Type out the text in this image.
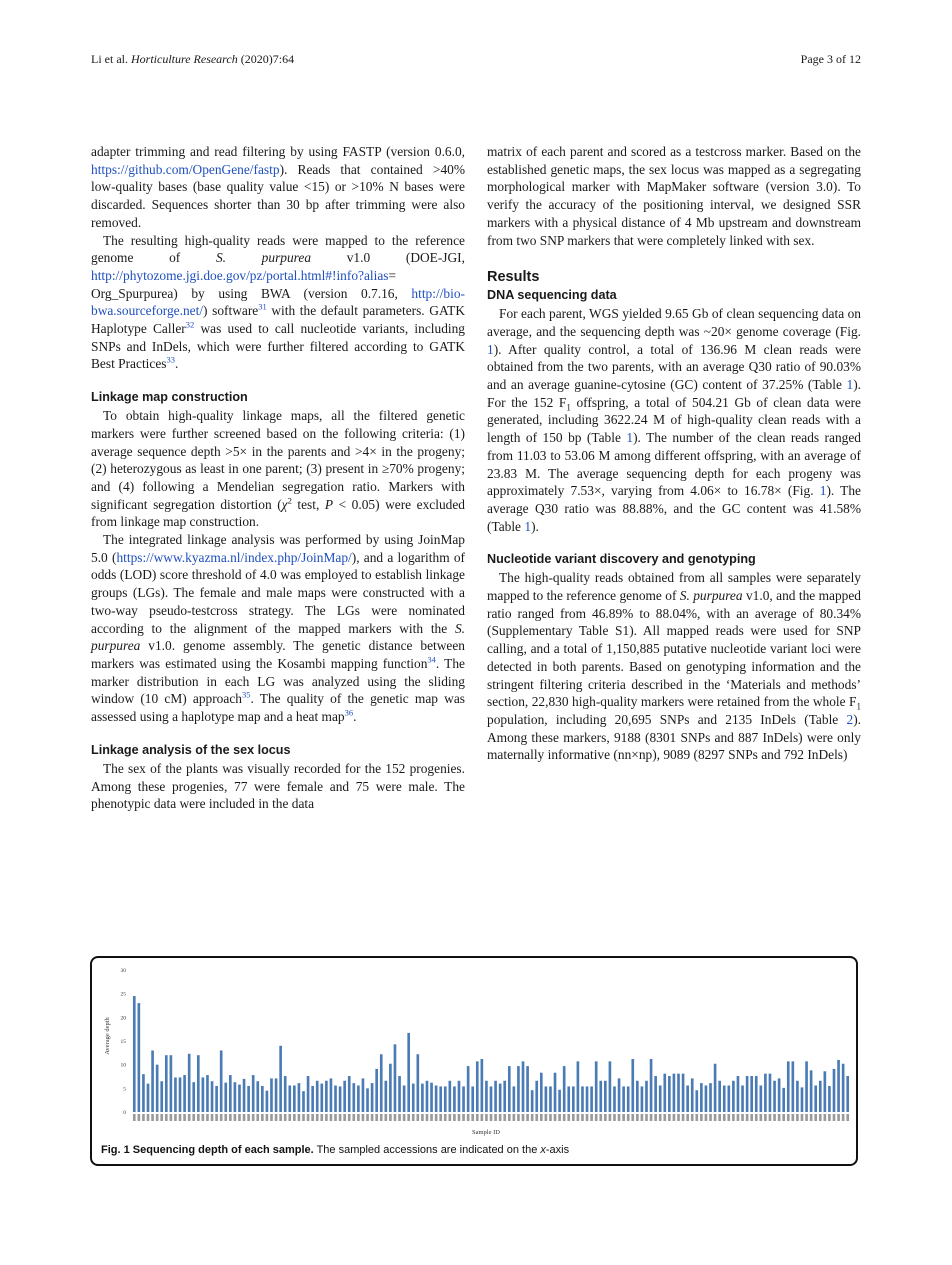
Li et al. Horticulture Research (2020)7:64	Page 3 of 12

adapter trimming and read filtering by using FASTP (version 0.6.0, https://github.com/OpenGene/fastp). Reads that contained >40% low-quality bases (base quality value <15) or >10% N bases were discarded. Sequences shorter than 30 bp after trimming were also removed.

The resulting high-quality reads were mapped to the reference genome of S. purpurea v1.0 (DOE-JGI, http://phytozome.jgi.doe.gov/pz/portal.html#!info?alias= Org_Spurpurea) by using BWA (version 0.7.16, http://bio-bwa.sourceforge.net/) software$^{31}$ with the default parameters. GATK Haplotype Caller$^{32}$ was used to call nucleotide variants, including SNPs and InDels, which were further filtered according to GATK Best Practices$^{33}$.

Linkage map construction

To obtain high-quality linkage maps, all the filtered genetic markers were further screened based on the following criteria: (1) average sequence depth >5× in the parents and >4× in the progeny; (2) heterozygous as least in one parent; (3) present in ≥70% progeny; and (4) following a Mendelian segregation ratio. Markers with significant segregation distortion ($\chi^2$ test, P < 0.05) were excluded from linkage map construction.

The integrated linkage analysis was performed by using JoinMap 5.0 (https://www.kyazma.nl/index.php/JoinMap/), and a logarithm of odds (LOD) score threshold of 4.0 was employed to establish linkage groups (LGs). The female and male maps were constructed with a two-way pseudo-testcross strategy. The LGs were nominated according to the alignment of the mapped markers with the S. purpurea v1.0. genome assembly. The genetic distance between markers was estimated using the Kosambi mapping function$^{34}$. The marker distribution in each LG was analyzed using the sliding window (10 cM) approach$^{35}$. The quality of the genetic map was assessed using a haplotype map and a heat map$^{36}$.

Linkage analysis of the sex locus

The sex of the plants was visually recorded for the 152 progenies. Among these progenies, 77 were female and 75 were male. The phenotypic data were included in the data

matrix of each parent and scored as a testcross marker. Based on the established genetic maps, the sex locus was mapped as a segregating morphological marker with MapMaker software (version 3.0). To verify the accuracy of the positioning interval, we designed SSR markers with a physical distance of 4 Mb upstream and downstream from two SNP markers that were completely linked with sex.

Results
DNA sequencing data

For each parent, WGS yielded 9.65 Gb of clean sequencing data on average, and the sequencing depth was ~20× genome coverage (Fig. 1). After quality control, a total of 136.96 M clean reads were obtained from the two parents, with an average Q30 ratio of 90.03% and an average guanine-cytosine (GC) content of 37.25% (Table 1). For the 152 $F_1$ offspring, a total of 504.21 Gb of clean data were generated, including 3622.24 M of high-quality clean reads with a length of 150 bp (Table 1). The number of the clean reads ranged from 11.03 to 53.06 M among different offspring, with an average of 23.83 M. The average sequencing depth for each progeny was approximately 7.53×, varying from 4.06× to 16.78× (Fig. 1). The average Q30 ratio was 88.88%, and the GC content was 41.58% (Table 1).

Nucleotide variant discovery and genotyping

The high-quality reads obtained from all samples were separately mapped to the reference genome of S. purpurea v1.0, and the mapped ratio ranged from 46.89% to 88.04%, with an average of 80.34% (Supplementary Table S1). All mapped reads were used for SNP calling, and a total of 1,150,885 putative nucleotide variant loci were detected in both parents. Based on genotyping information and the stringent filtering criteria described in the ‘Materials and methods’ section, 22,830 high-quality markers were retained from the whole $F_1$ population, including 20,695 SNPs and 2135 InDels (Table 2). Among these markers, 9188 (8301 SNPs and 887 InDels) were only maternally informative (nn×np), 9089 (8297 SNPs and 792 InDels)

0
5
10
15
20
25
30
Average depth
Sample ID
Fig. 1 Sequencing depth of each sample. The sampled accessions are indicated on the x-axis
